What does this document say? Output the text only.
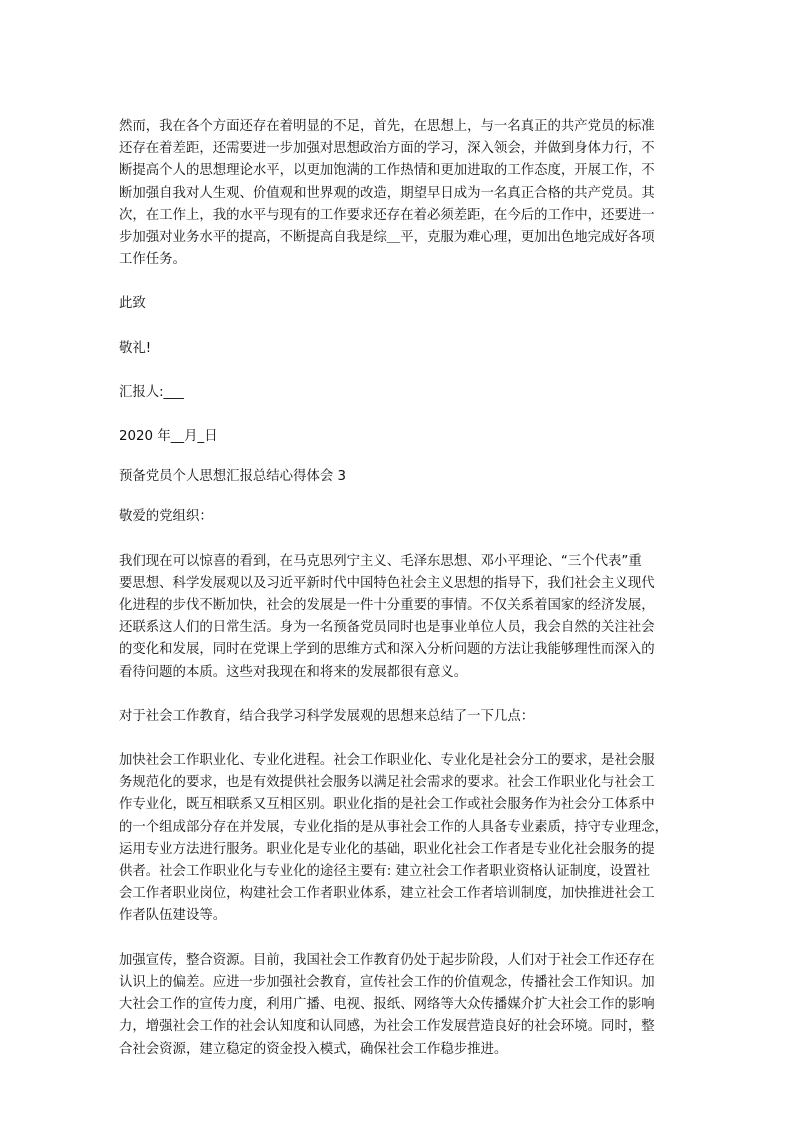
然而，我在各个方面还存在着明显的不足，首先，在思想上，与一名真正的共产党员的标准
还存在着差距，还需要进一步加强对思想政治方面的学习，深入领会，并做到身体力行，不
断提高个人的思想理论水平，以更加饱满的工作热情和更加进取的工作态度，开展工作，不
断加强自我对人生观、价值观和世界观的改造，期望早日成为一名真正合格的共产党员。其
次，在工作上，我的水平与现有的工作要求还存在着必须差距，在今后的工作中，还要进一
步加强对业务水平的提高，不断提高自我是综＿平，克服为难心理，更加出色地完成好各项
工作任务。
此致
敬礼!
汇报人:___
2020 年__月_日
预备党员个人思想汇报总结心得体会 3
敬爱的党组织：
我们现在可以惊喜的看到，在马克思列宁主义、毛泽东思想、邓小平理论、“三个代表”重
要思想、科学发展观以及习近平新时代中国特色社会主义思想的指导下，我们社会主义现代
化进程的步伐不断加快，社会的发展是一件十分重要的事情。不仅关系着国家的经济发展，
还联系这人们的日常生活。身为一名预备党员同时也是事业单位人员，我会自然的关注社会
的变化和发展，同时在党课上学到的思维方式和深入分析问题的方法让我能够理性而深入的
看待问题的本质。这些对我现在和将来的发展都很有意义。
对于社会工作教育，结合我学习科学发展观的思想来总结了一下几点：
加快社会工作职业化、专业化进程。社会工作职业化、专业化是社会分工的要求，是社会服
务规范化的要求，也是有效提供社会服务以满足社会需求的要求。社会工作职业化与社会工
作专业化，既互相联系又互相区别。职业化指的是社会工作或社会服务作为社会分工体系中
的一个组成部分存在并发展，专业化指的是从事社会工作的人具备专业素质，持守专业理念，
运用专业方法进行服务。职业化是专业化的基础，职业化社会工作者是专业化社会服务的提
供者。社会工作职业化与专业化的途径主要有: 建立社会工作者职业资格认证制度，设置社
会工作者职业岗位，构建社会工作者职业体系，建立社会工作者培训制度，加快推进社会工
作者队伍建设等。
加强宣传，整合资源。目前，我国社会工作教育仍处于起步阶段，人们对于社会工作还存在
认识上的偏差。应进一步加强社会教育，宣传社会工作的价值观念，传播社会工作知识。加
大社会工作的宣传力度，利用广播、电视、报纸、网络等大众传播媒介扩大社会工作的影响
力，增强社会工作的社会认知度和认同感，为社会工作发展营造良好的社会环境。同时，整
合社会资源，建立稳定的资金投入模式，确保社会工作稳步推进。
